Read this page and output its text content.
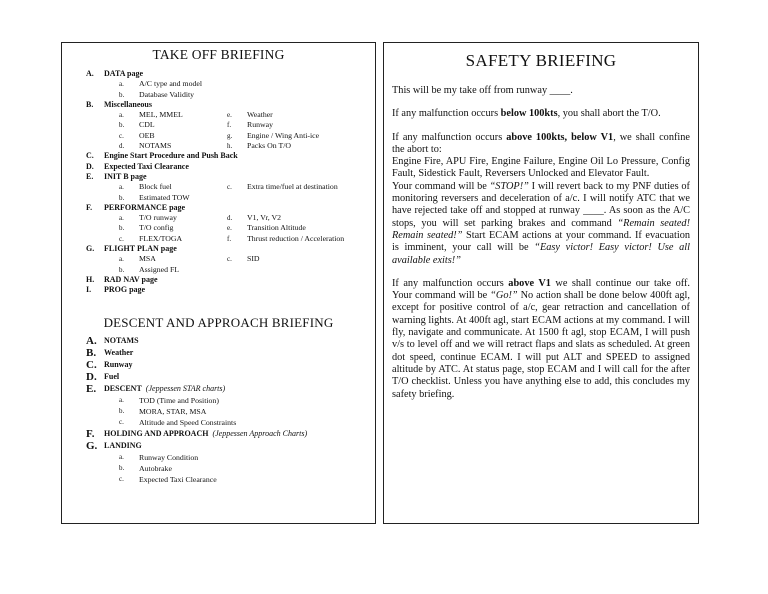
TAKE OFF BRIEFING
A.	DATA page
a.	A/C type and model
b.	Database Validity
B.	Miscellaneous
a.	MEL, MMEL	e.	Weather
b.	CDL	f.	Runway
c.	OEB	g.	Engine / Wing Anti-ice
d.	NOTAMS	h.	Packs On T/O
C.	Engine Start Procedure and Push Back
D.	Expected Taxi Clearance
E.	INIT B page
a.	Block fuel	c.	Extra time/fuel at destination
b.	Estimated TOW
F.	PERFORMANCE page
a.	T/O runway	d.	V1, Vr, V2
b.	T/O config	e.	Transition Altitude
c.	FLEX/TOGA	f.	Thrust reduction / Acceleration
G.	FLIGHT PLAN page
a.	MSA	c.	SID
b.	Assigned FL
H.	RAD NAV page
I.	PROG page
DESCENT AND APPROACH BRIEFING
A. NOTAMS
B. Weather
C. Runway
D. Fuel
E. DESCENT (Jeppessen STAR charts)
a.	TOD (Time and Position)
b.	MORA, STAR, MSA
c.	Altitude and Speed Constraints
F.	HOLDING AND APPROACH (Jeppessen Approach Charts)
G. LANDING
a.	Runway Condition
b.	Autobrake
c.	Expected Taxi Clearance
SAFETY BRIEFING
This will be my take off from runway ____.
If any malfunction occurs below 100kts, you shall abort the T/O.
If any malfunction occurs above 100kts, below V1, we shall confine the abort to:
Engine Fire, APU Fire, Engine Failure, Engine Oil Lo Pressure, Config Fault, Sidestick Fault, Reversers Unlocked and Elevator Fault.
Your command will be “STOP!” I will revert back to my PNF duties of monitoring reversers and deceleration of a/c. I will notify ATC that we have rejected take off and stopped at runway ____. As soon as the A/C stops, you will set parking brakes and command “Remain seated! Remain seated!” Start ECAM actions at your command. If evacuation is imminent, your call will be “Easy victor! Easy victor! Use all available exits!”
If any malfunction occurs above V1 we shall continue our take off. Your command will be “Go!” No action shall be done below 400ft agl, except for positive control of a/c, gear retraction and cancellation of warning lights. At 400ft agl, start ECAM actions at my command. I will fly, navigate and communicate. At 1500 ft agl, stop ECAM, I will push v/s to level off and we will retract flaps and slats as scheduled. At green dot speed, continue ECAM. I will put ALT and SPEED to assigned altitude by ATC. At status page, stop ECAM and I will call for the after T/O checklist. Unless you have anything else to add, this concludes my safety briefing.
